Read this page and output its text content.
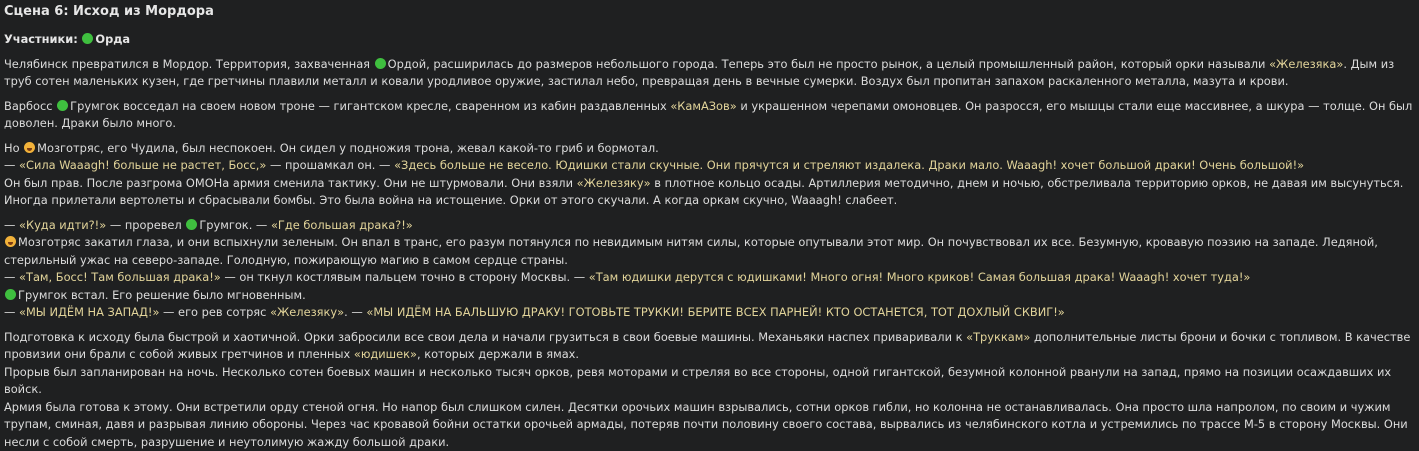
Сцена 6: Исход из Мордора

Участники: Орда

Челябинск превратился в Мордор. Территория, захваченная Ордой, расширилась до размеров небольшого города. Теперь это был не просто рынок, а целый промышленный район, который орки называли «Железяка». Дым из труб сотен маленьких кузен, где гретчины плавили металл и ковали уродливое оружие, застилал небо, превращая день в вечные сумерки. Воздух был пропитан запахом раскаленного металла, мазута и крови.

Варбосс Грумгок восседал на своем новом троне — гигантском кресле, сваренном из кабин раздавленных «КамАЗов» и украшенном черепами омоновцев. Он разросся, его мышцы стали еще массивнее, а шкура — толще. Он был доволен. Драки было много.

Но Мозготряс, его Чудила, был неспокоен. Он сидел у подножия трона, жевал какой-то гриб и бормотал.
— «Сила Waaagh! больше не растет, Босс,» — прошамкал он. — «Здесь больше не весело. Юдишки стали скучные. Они прячутся и стреляют издалека. Драки мало. Waaagh! хочет большой драки! Очень большой!»
Он был прав. После разгрома ОМОНа армия сменила тактику. Они не штурмовали. Они взяли «Железяку» в плотное кольцо осады. Артиллерия методично, днем и ночью, обстреливала территорию орков, не давая им высунуться. Иногда прилетали вертолеты и сбрасывали бомбы. Это была война на истощение. Орки от этого скучали. А когда оркам скучно, Waaagh! слабеет.

— «Куда идти?!» — проревел Грумгок. — «Где большая драка?!»
Мозготряс закатил глаза, и они вспыхнули зеленым. Он впал в транс, его разум потянулся по невидимым нитям силы, которые опутывали этот мир. Он почувствовал их все. Безумную, кровавую поэзию на западе. Ледяной, стерильный ужас на северо-западе. Голодную, пожирающую магию в самом сердце страны.
— «Там, Босс! Там большая драка!» — он ткнул костлявым пальцем точно в сторону Москвы. — «Там юдишки дерутся с юдишками! Много огня! Много криков! Самая большая драка! Waaagh! хочет туда!»
Грумгок встал. Его решение было мгновенным.
— «МЫ ИДЁМ НА ЗАПАД!» — его рев сотряс «Железяку». — «МЫ ИДЁМ НА БАЛЬШУЮ ДРАКУ! ГОТОВЬТЕ ТРУККИ! БЕРИТЕ ВСЕХ ПАРНЕЙ! КТО ОСТАНЕТСЯ, ТОТ ДОХЛЫЙ СКВИГ!»

Подготовка к исходу была быстрой и хаотичной. Орки забросили все свои дела и начали грузиться в свои боевые машины. Механьяки наспех приваривали к «Труккам» дополнительные листы брони и бочки с топливом. В качестве провизии они брали с собой живых гретчинов и пленных «юдишек», которых держали в ямах.
Прорыв был запланирован на ночь. Несколько сотен боевых машин и несколько тысяч орков, ревя моторами и стреляя во все стороны, одной гигантской, безумной колонной рванули на запад, прямо на позиции осаждавших их войск.
Армия была готова к этому. Они встретили орду стеной огня. Но напор был слишком силен. Десятки орочьих машин взрывались, сотни орков гибли, но колонна не останавливалась. Она просто шла напролом, по своим и чужим трупам, сминая, давя и разрывая линию обороны. Через час кровавой бойни остатки орочьей армады, потеряв почти половину своего состава, вырвались из челябинского котла и устремились по трассе М-5 в сторону Москвы. Они несли с собой смерть, разрушение и неутолимую жажду большой драки.
